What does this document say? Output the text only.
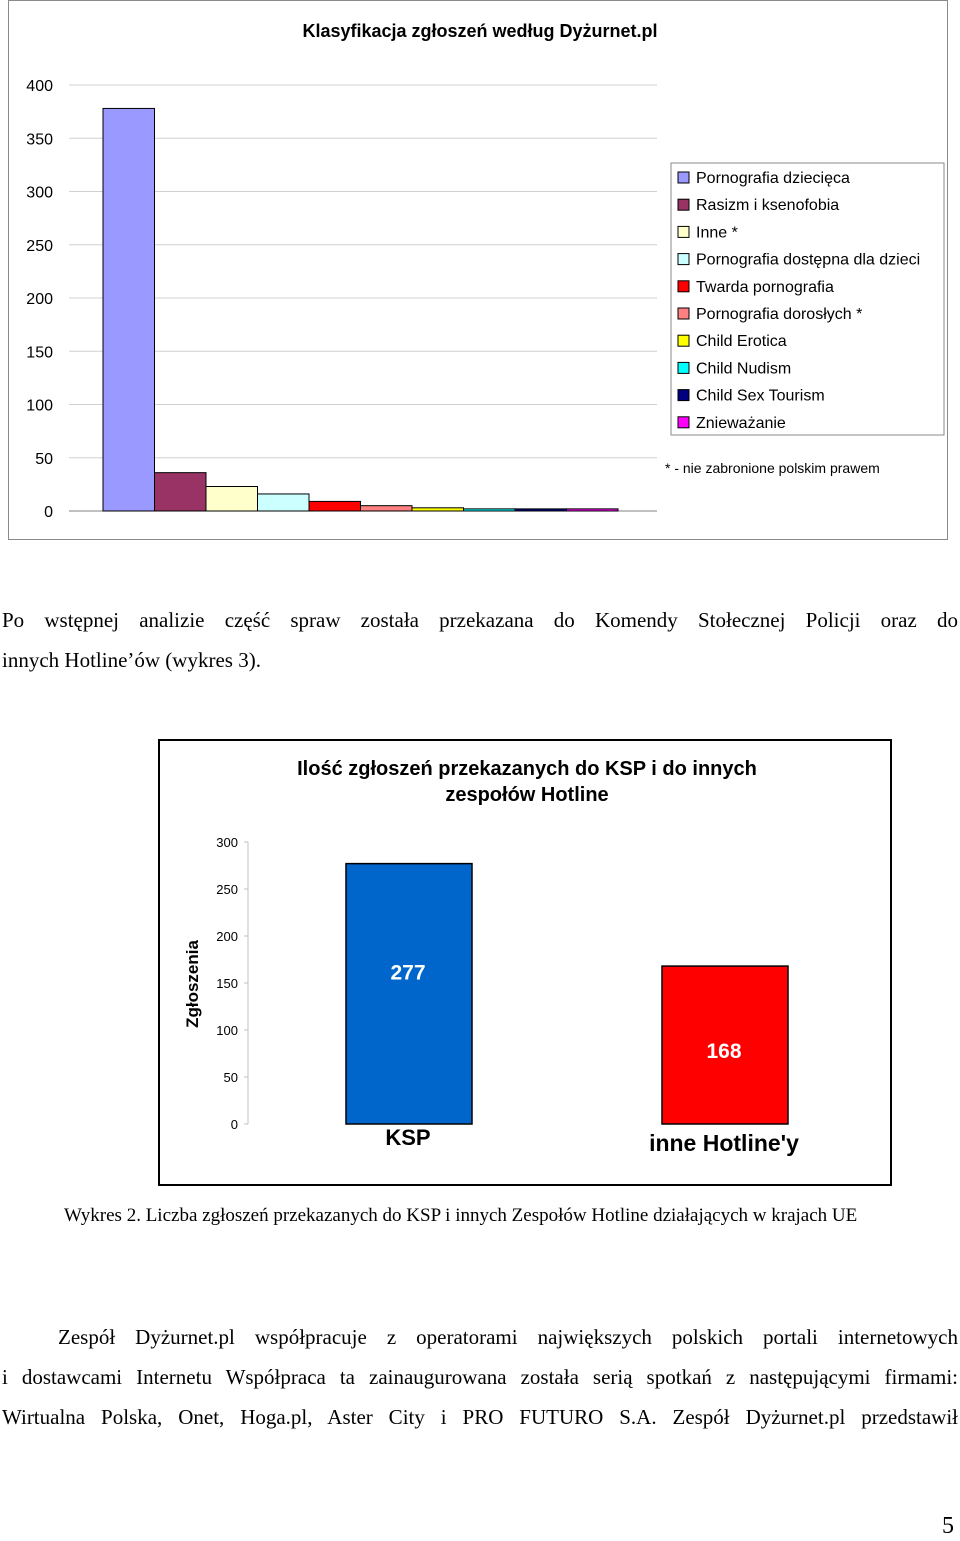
Klasyfikacja zgłoszeń według Dyżurnet.pl
0
50
100
150
200
250
300
350
400
Pornografia dziecięca
Rasizm i ksenofobia
Inne *
Pornografia dostępna dla dzieci
Twarda pornografia
Pornografia dorosłych *
Child Erotica
Child Nudism
Child Sex Tourism
Znieważanie
* - nie zabronione polskim prawem
Po wstępnej analizie część spraw została przekazana do Komendy Stołecznej Policji oraz do
innych Hotline’ów (wykres 3).
Ilość zgłoszeń przekazanych do KSP i do innych
zespołów Hotline
Zgłoszenia
0
50
100
150
200
250
300
277
KSP
168
inne Hotline'y
Wykres 2. Liczba zgłoszeń przekazanych do KSP i innych Zespołów Hotline działających w krajach UE
Zespół Dyżurnet.pl współpracuje z operatorami największych polskich portali internetowych
i dostawcami Internetu Współpraca ta zainaugurowana została serią spotkań z następującymi firmami:
Wirtualna Polska, Onet, Hoga.pl, Aster City i PRO FUTURO S.A. Zespół Dyżurnet.pl przedstawił
5
